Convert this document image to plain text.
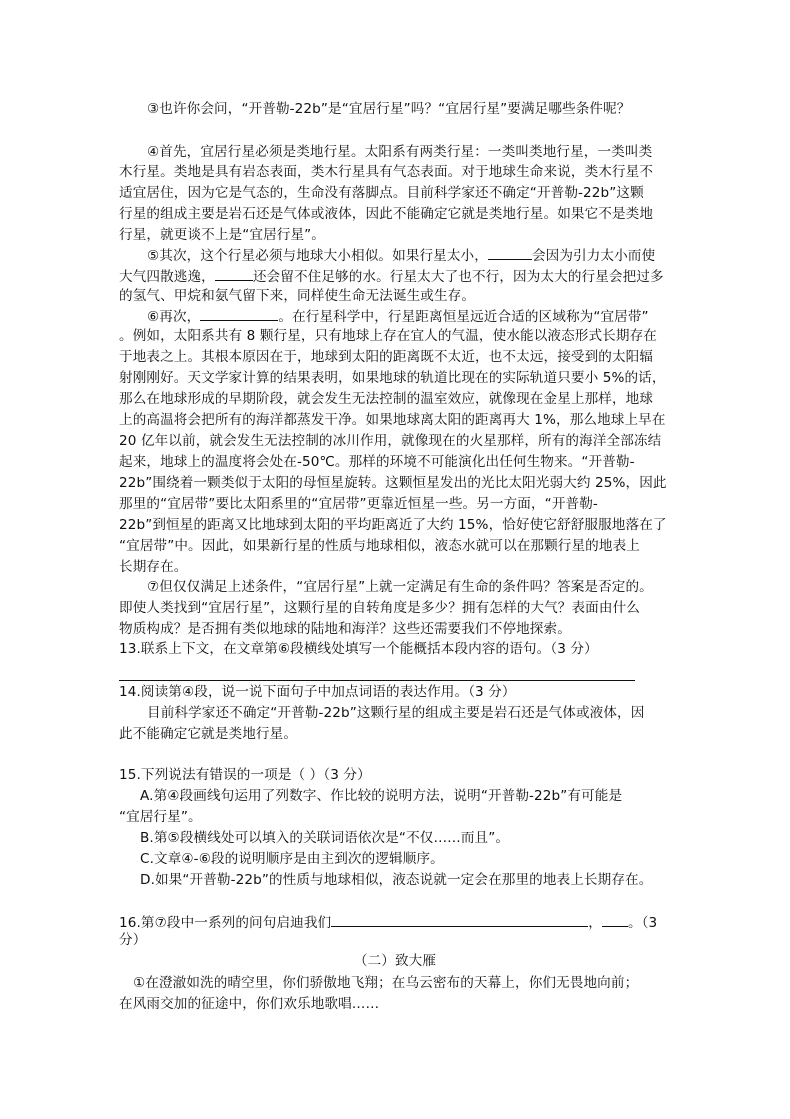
③也许你会问，“开普勒-22b”是“宜居行星”吗？“宜居行星”要满足哪些条件呢？
④首先，宜居行星必须是类地行星。太阳系有两类行星：一类叫类地行星，一类叫类
木行星。类地是具有岩态表面，类木行星具有气态表面。对于地球生命来说，类木行星不
适宜居住，因为它是气态的，生命没有落脚点。目前科学家还不确定“开普勒-22b”这颗
行星的组成主要是岩石还是气体或液体，因此不能确定它就是类地行星。如果它不是类地
行星，就更谈不上是“宜居行星”。
⑤其次，这个行星必须与地球大小相似。如果行星太小，	会因为引力太小而使
大气四散逃逸，	还会留不住足够的水。行星太大了也不行，因为太大的行星会把过多
的氢气、甲烷和氨气留下来，同样使生命无法诞生或生存。
⑥再次，	。在行星科学中，行星距离恒星远近合适的区域称为“宜居带”
。例如，太阳系共有 8 颗行星，只有地球上存在宜人的气温，使水能以液态形式长期存在
于地表之上。其根本原因在于，地球到太阳的距离既不太近，也不太远，接受到的太阳辐
射刚刚好。天文学家计算的结果表明，如果地球的轨道比现在的实际轨道只要小 5%的话，
那么在地球形成的早期阶段，就会发生无法控制的温室效应，就像现在金星上那样，地球
上的高温将会把所有的海洋都蒸发干净。如果地球离太阳的距离再大 1%，那么地球上早在
20 亿年以前，就会发生无法控制的冰川作用，就像现在的火星那样，所有的海洋全部冻结
起来，地球上的温度将会处在-50℃。那样的环境不可能演化出任何生物来。“开普勒-
22b”围绕着一颗类似于太阳的母恒星旋转。这颗恒星发出的光比太阳光弱大约 25%，因此
那里的“宜居带”要比太阳系里的“宜居带”更靠近恒星一些。另一方面，“开普勒-
22b”到恒星的距离又比地球到太阳的平均距离近了大约 15%，恰好使它舒舒服服地落在了
“宜居带”中。因此，如果新行星的性质与地球相似，液态水就可以在那颗行星的地表上
长期存在。
⑦但仅仅满足上述条件，“宜居行星”上就一定满足有生命的条件吗？答案是否定的。
即使人类找到“宜居行星”，这颗行星的自转角度是多少？拥有怎样的大气？表面由什么
物质构成？是否拥有类似地球的陆地和海洋？这些还需要我们不停地探索。
13.联系上下文，在文章第⑥段横线处填写一个能概括本段内容的语句。（3 分）
14.阅读第④段，说一说下面句子中加点词语的表达作用。（3 分）
目前科学家还不确定“开普勒-22b”这颗行星的组成主要是岩石还是气体或液体，因
此不能确定它就是类地行星。
15.下列说法有错误的一项是（ ）（3 分）
A.第④段画线句运用了列数字、作比较的说明方法，说明“开普勒-22b”有可能是
“宜居行星”。
B.第⑤段横线处可以填入的关联词语依次是“不仅……而且”。
C.文章④-⑥段的说明顺序是由主到次的逻辑顺序。
D.如果“开普勒-22b”的性质与地球相似，液态说就一定会在那里的地表上长期存在。
16.第⑦段中一系列的问句启迪我们	， 。（3
分）
（二）致大雁
①在澄澈如洗的晴空里，你们骄傲地飞翔；在乌云密布的天幕上，你们无畏地向前；
在风雨交加的征途中，你们欢乐地歌唱……
